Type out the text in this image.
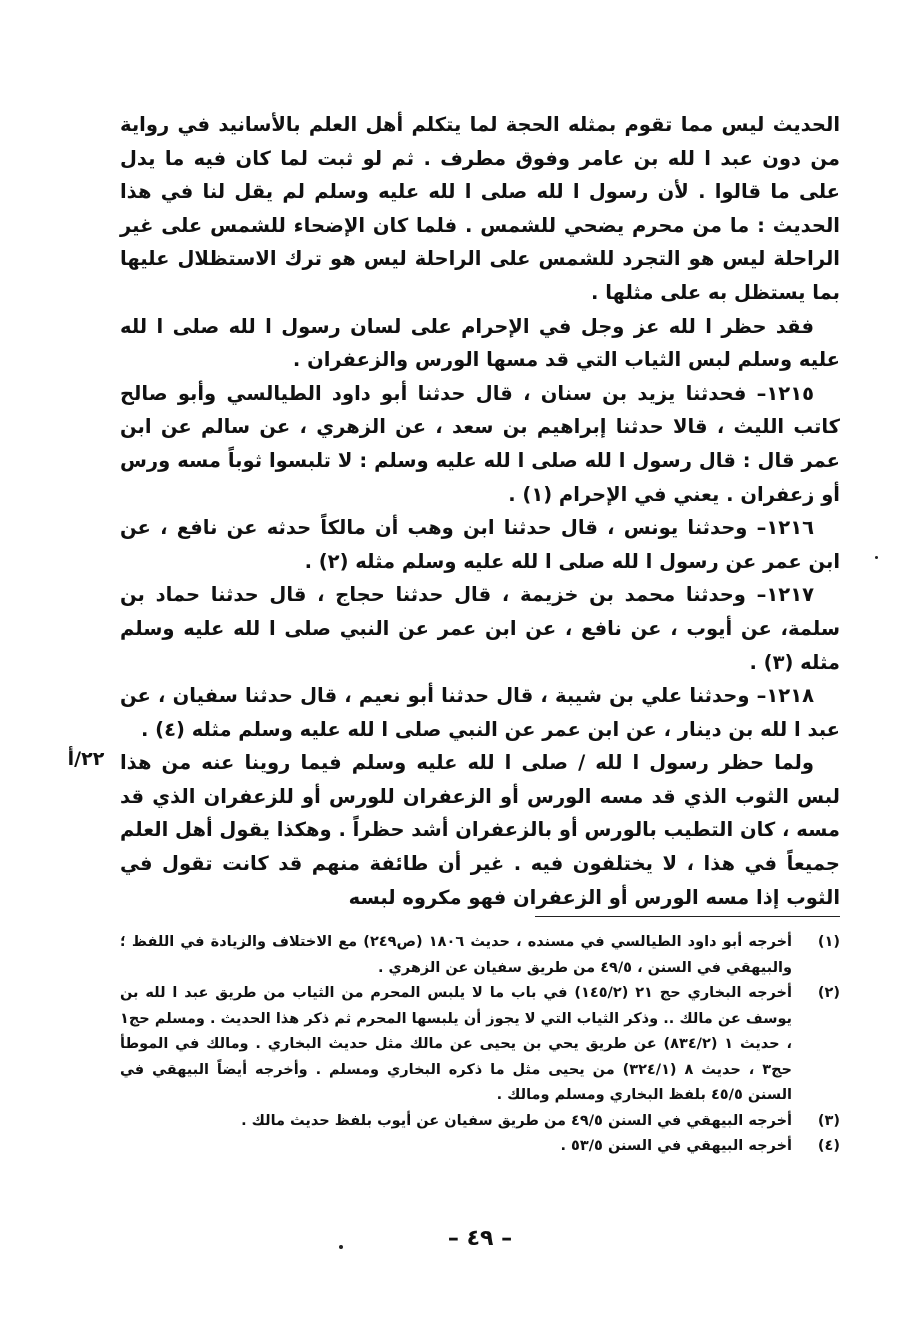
الحديث ليس مما تقوم بمثله الحجة لما يتكلم أهل العلم بالأسانيد في رواية من دون عبد ا لله بن عامر وفوق مطرف . ثم لو ثبت لما كان فيه ما يدل على ما قالوا . لأن رسول ا لله صلى ا لله عليه وسلم لم يقل لنا في هذا الحديث : ما من محرم يضحي للشمس . فلما كان الإضحاء للشمس على غير الراحلة ليس هو التجرد للشمس على الراحلة ليس هو ترك الاستظلال عليها بما يستظل به على مثلها .

فقد حظر ا لله عز وجل في الإحرام على لسان رسول ا لله صلى ا لله عليه وسلم لبس الثياب التي قد مسها الورس والزعفران .

١٢١٥– فحدثنا يزيد بن سنان ، قال حدثنا أبو داود الطيالسي وأبو صالح كاتب الليث ، قالا حدثنا إبراهيم بن سعد ، عن الزهري ، عن سالم عن ابن عمر قال : قال رسول ا لله صلى ا لله عليه وسلم : لا تلبسوا ثوباً مسه ورس أو زعفران . يعني في الإحرام (١) .

١٢١٦– وحدثنا يونس ، قال حدثنا ابن وهب أن مالكاً حدثه عن نافع ، عن ابن عمر عن رسول ا لله صلى ا لله عليه وسلم مثله (٢) .

١٢١٧– وحدثنا محمد بن خزيمة ، قال حدثنا حجاج ، قال حدثنا حماد بن سلمة، عن أيوب ، عن نافع ، عن ابن عمر عن النبي صلى ا لله عليه وسلم مثله (٣) .

١٢١٨– وحدثنا علي بن شيبة ، قال حدثنا أبو نعيم ، قال حدثنا سفيان ، عن عبد ا لله بن دينار ، عن ابن عمر عن النبي صلى ا لله عليه وسلم مثله (٤) .

ولما حظر رسول ا لله / صلى ا لله عليه وسلم فيما روينا عنه من هذا لبس الثوب الذي قد مسه الورس أو الزعفران للورس أو للزعفران الذي قد مسه ، كان التطيب بالورس أو بالزعفران أشد حظراً . وهكذا يقول أهل العلم جميعاً في هذا ، لا يختلفون فيه . غير أن طائفة منهم قد كانت تقول في الثوب إذا مسه الورس أو الزعفران فهو مكروه لبسه

٢٢/أ
(١)
أخرجه أبو داود الطيالسي في مسنده ، حديث ١٨٠٦ (ص٢٤٩) مع الاختلاف والزيادة في اللفظ ؛ والبيهقي في السنن ، ٤٩/٥ من طريق سفيان عن الزهري .
(٢)
أخرجه البخاري حج ٢١ (١٤٥/٢) في باب ما لا يلبس المحرم من الثياب من طريق عبد ا لله بن يوسف عن مالك .. وذكر الثياب التي لا يجوز أن يلبسها المحرم ثم ذكر هذا الحديث . ومسلم حج١ ، حديث ١ (٨٣٤/٢) عن طريق يحي بن يحيى عن مالك مثل حديث البخاري . ومالك في الموطأ حج٣ ، حديث ٨ (٣٢٤/١) من يحيى مثل ما ذكره البخاري ومسلم . وأخرجه أيضاً البيهقي في السنن ٤٥/٥ بلفظ البخاري ومسلم ومالك .
(٣)
أخرجه البيهقي في السنن ٤٩/٥ من طريق سفيان عن أيوب بلفظ حديث مالك .
(٤)
أخرجه البيهقي في السنن ٥٣/٥ .
– ٤٩ –
